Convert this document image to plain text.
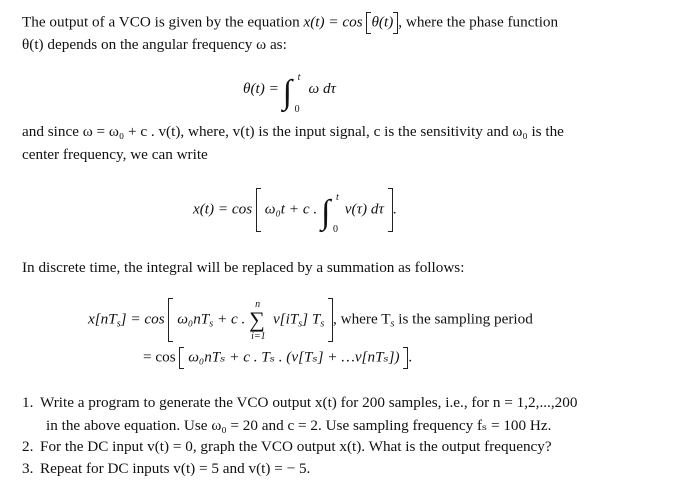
The output of a VCO is given by the equation x(t) = cos θ(t) , where the phase function
θ(t) depends on the angular frequency ω as:
θ(t) = ∫ t
0
ω dτ
and since ω = ω₀ + c . v(t), where, v(t) is the input signal, c is the sensitivity and ω₀ is the
center frequency, we can write
x(t) = cos ω₀t + c . ∫ t
0
v(τ) dτ .
In discrete time, the integral will be replaced by a summation as follows:
$x[nT_s] = \cos \omega_0nT_s + c$ . ∑
n
i=1
$v[iT_s]$ $T_s$ , where $T_s$ is the sampling period
= cos ω₀nTₛ + c . Tₛ . (v[Tₛ] + …v[nTₛ]) .
1. Write a program to generate the VCO output x(t) for 200 samples, i.e., for n = 1,2,...,200
in the above equation. Use ω₀ = 20 and c = 2. Use sampling frequency fₛ = 100 Hz.
2. For the DC input v(t) = 0, graph the VCO output x(t). What is the output frequency?
3. Repeat for DC inputs v(t) = 5 and v(t) = − 5.
